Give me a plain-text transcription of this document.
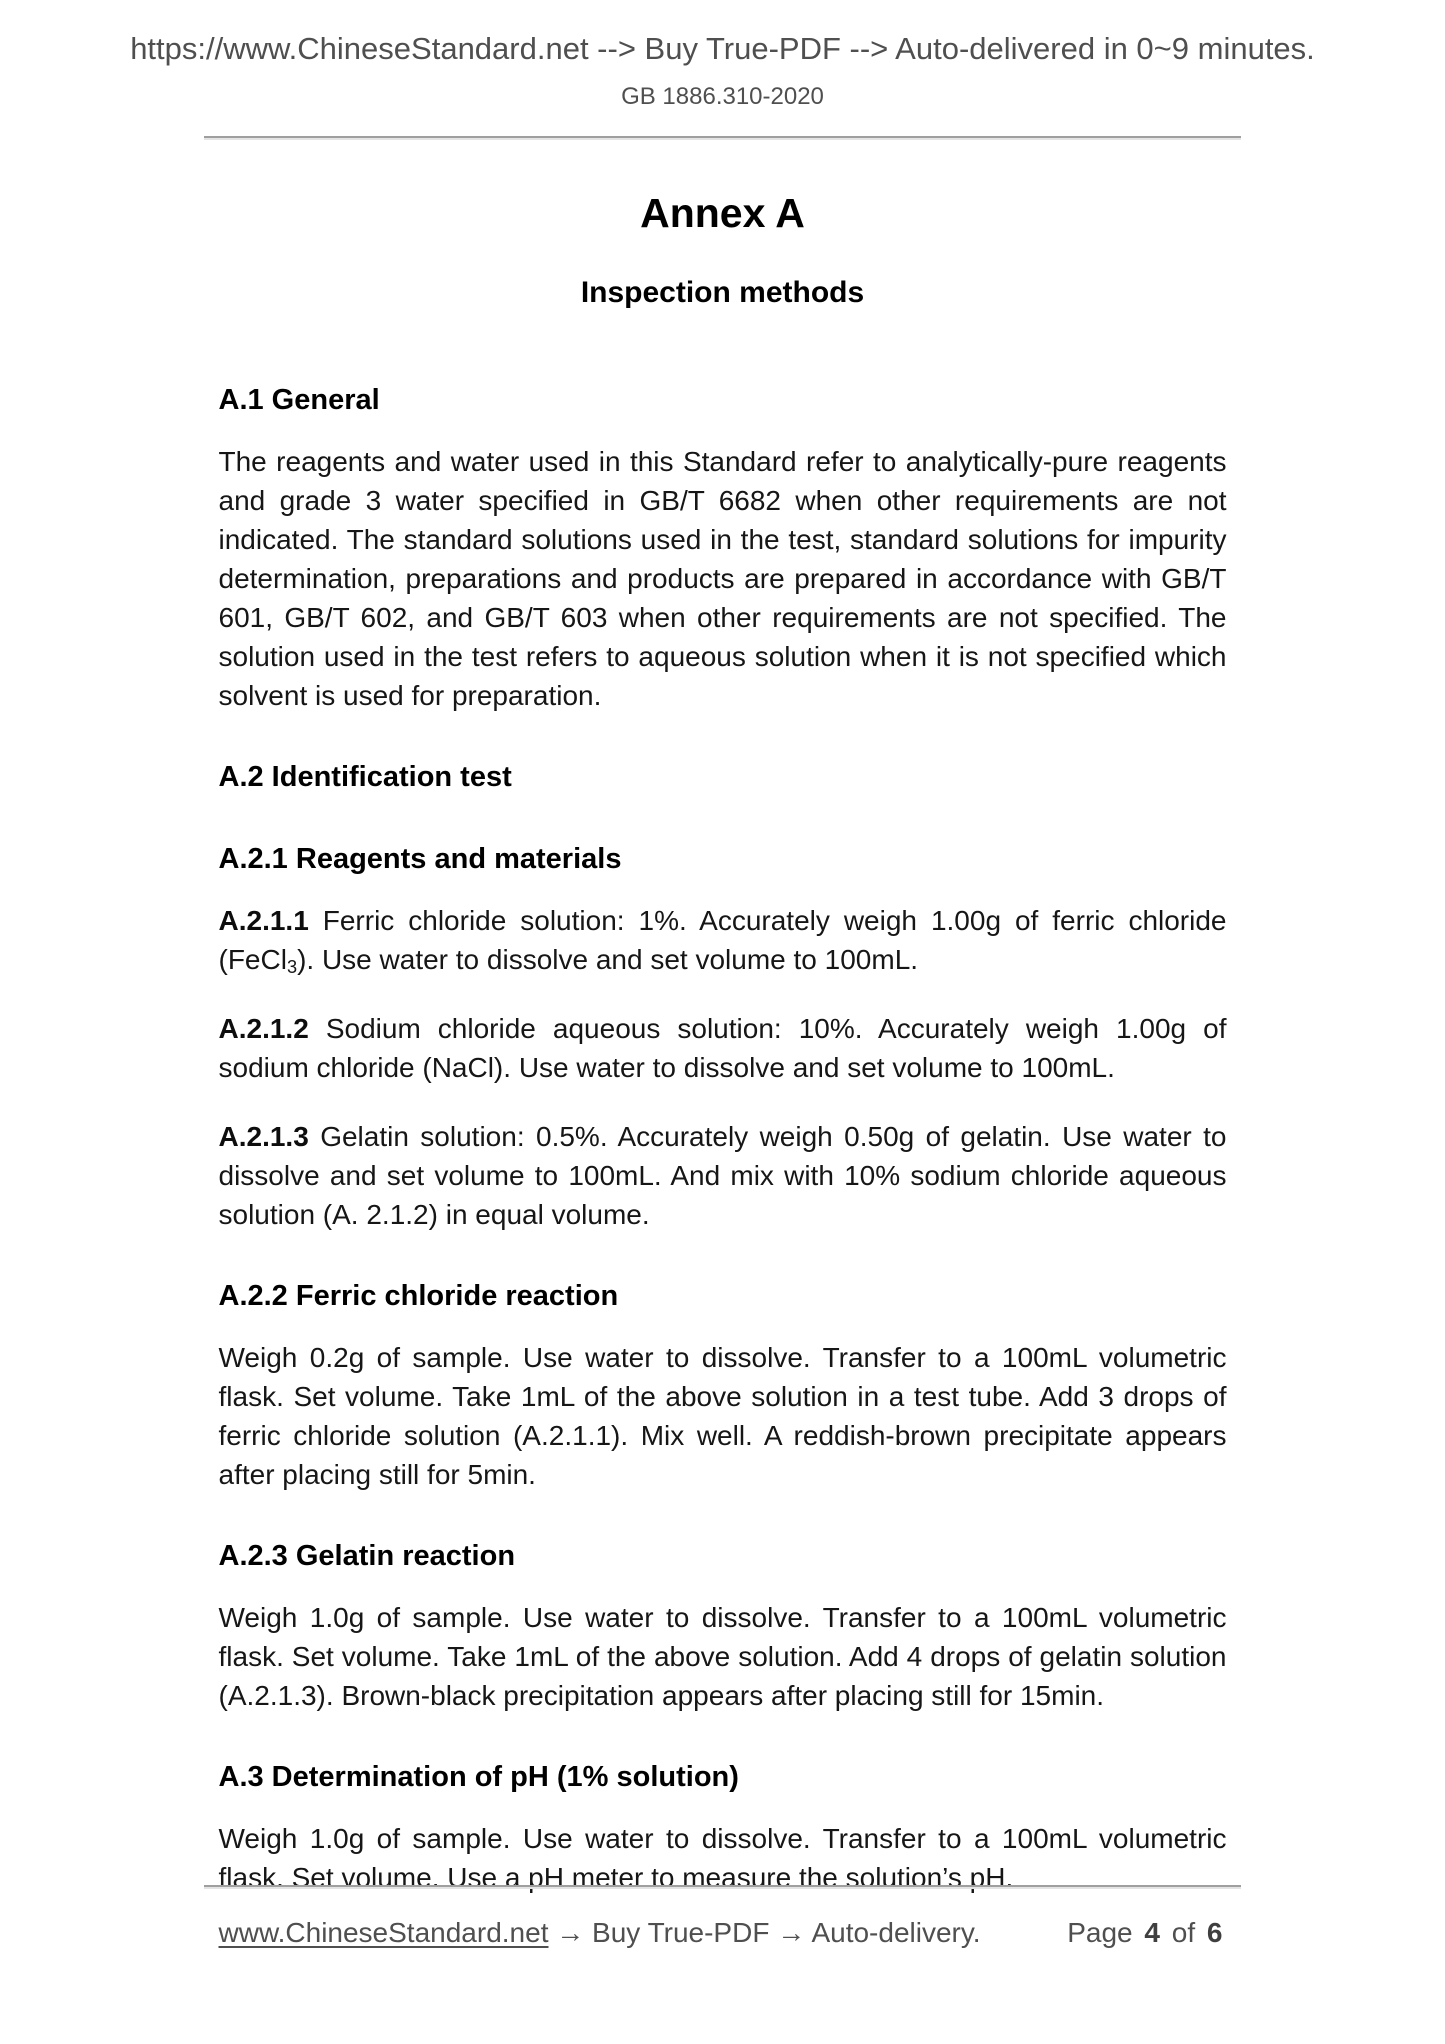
https://www.ChineseStandard.net --> Buy True-PDF --> Auto-delivered in 0~9 minutes.
GB 1886.310-2020
Annex A
Inspection methods
A.1 General

The reagents and water used in this Standard refer to analytically-pure reagents and grade 3 water specified in GB/T 6682 when other requirements are not indicated. The standard solutions used in the test, standard solutions for impurity determination, preparations and products are prepared in accordance with GB/T 601, GB/T 602, and GB/T 603 when other requirements are not specified. The solution used in the test refers to aqueous solution when it is not specified which solvent is used for preparation.

A.2 Identification test
A.2.1 Reagents and materials

A.2.1.1 Ferric chloride solution: 1%. Accurately weigh 1.00g of ferric chloride (FeCl$_3$). Use water to dissolve and set volume to 100mL.

A.2.1.2 Sodium chloride aqueous solution: 10%. Accurately weigh 1.00g of sodium chloride (NaCl). Use water to dissolve and set volume to 100mL.

A.2.1.3 Gelatin solution: 0.5%. Accurately weigh 0.50g of gelatin. Use water to dissolve and set volume to 100mL. And mix with 10% sodium chloride aqueous solution (A. 2.1.2) in equal volume.

A.2.2 Ferric chloride reaction

Weigh 0.2g of sample. Use water to dissolve. Transfer to a 100mL volumetric flask. Set volume. Take 1mL of the above solution in a test tube. Add 3 drops of ferric chloride solution (A.2.1.1). Mix well. A reddish-brown precipitate appears after placing still for 5min.

A.2.3 Gelatin reaction

Weigh 1.0g of sample. Use water to dissolve. Transfer to a 100mL volumetric flask. Set volume. Take 1mL of the above solution. Add 4 drops of gelatin solution (A.2.1.3). Brown-black precipitation appears after placing still for 15min.

A.3 Determination of pH (1% solution)

Weigh 1.0g of sample. Use water to dissolve. Transfer to a 100mL volumetric flask. Set volume. Use a pH meter to measure the solution’s pH.

www.ChineseStandard.net → Buy True-PDF → Auto-delivery.	Page 4 of 6
